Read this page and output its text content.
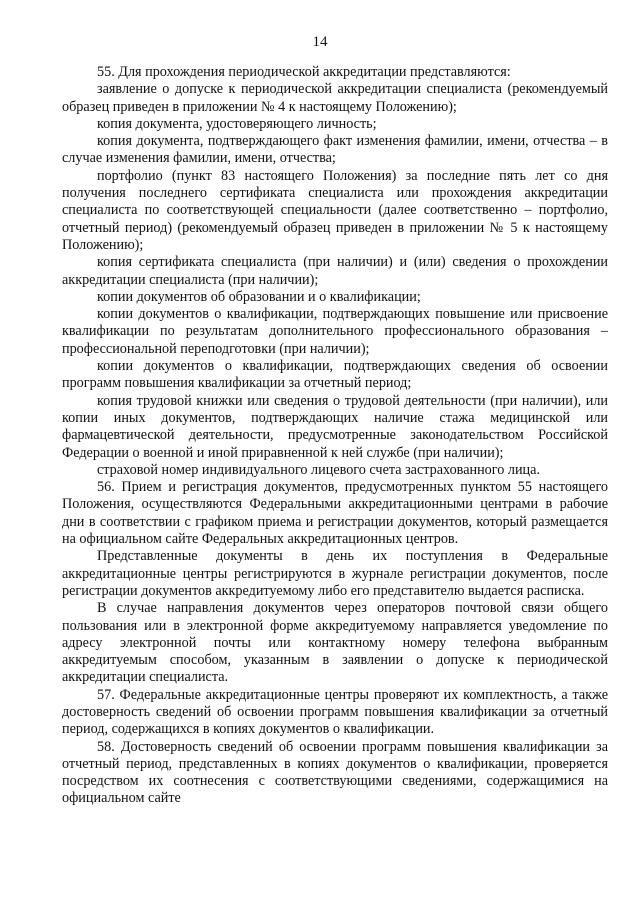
14

55. Для прохождения периодической аккредитации представляются:

заявление о допуске к периодической аккредитации специалиста (рекомендуемый образец приведен в приложении № 4 к настоящему Положению);

копия документа, удостоверяющего личность;

копия документа, подтверждающего факт изменения фамилии, имени, отчества – в случае изменения фамилии, имени, отчества;

портфолио (пункт 83 настоящего Положения) за последние пять лет со дня получения последнего сертификата специалиста или прохождения аккредитации специалиста по соответствующей специальности (далее соответственно – портфолио, отчетный период) (рекомендуемый образец приведен в приложении № 5 к настоящему Положению);

копия сертификата специалиста (при наличии) и (или) сведения о прохождении аккредитации специалиста (при наличии);

копии документов об образовании и о квалификации;

копии документов о квалификации, подтверждающих повышение или присвоение квалификации по результатам дополнительного профессионального образования – профессиональной переподготовки (при наличии);

копии документов о квалификации, подтверждающих сведения об освоении программ повышения квалификации за отчетный период;

копия трудовой книжки или сведения о трудовой деятельности (при наличии), или копии иных документов, подтверждающих наличие стажа медицинской или фармацевтической деятельности, предусмотренные законодательством Российской Федерации о военной и иной приравненной к ней службе (при наличии);

страховой номер индивидуального лицевого счета застрахованного лица.

56. Прием и регистрация документов, предусмотренных пунктом 55 настоящего Положения, осуществляются Федеральными аккредитационными центрами в рабочие дни в соответствии с графиком приема и регистрации документов, который размещается на официальном сайте Федеральных аккредитационных центров.

Представленные документы в день их поступления в Федеральные аккредитационные центры регистрируются в журнале регистрации документов, после регистрации документов аккредитуемому либо его представителю выдается расписка.

В случае направления документов через операторов почтовой связи общего пользования или в электронной форме аккредитуемому направляется уведомление по адресу электронной почты или контактному номеру телефона выбранным аккредитуемым способом, указанным в заявлении о допуске к периодической аккредитации специалиста.

57. Федеральные аккредитационные центры проверяют их комплектность, а также достоверность сведений об освоении программ повышения квалификации за отчетный период, содержащихся в копиях документов о квалификации.

58. Достоверность сведений об освоении программ повышения квалификации за отчетный период, представленных в копиях документов о квалификации, проверяется посредством их соотнесения с соответствующими сведениями, содержащимися на официальном сайте
